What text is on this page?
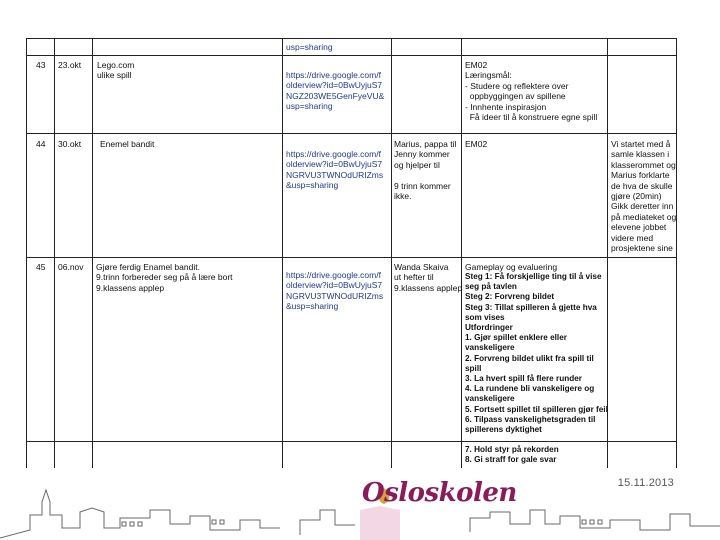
usp=sharing
43 23.okt Lego.com
ulike spill	https://drive.google.com/f
olderview?id=0BwUyjuS7
NGZ203WE5GenFyeVU&
usp=sharing
EM02
Læringsmål:
- Studere og reflektere over
oppbyggingen av spillene
- Innhente inspirasjon
Få ideer til å konstruere egne spill
44 30.okt Enemel bandit
https://drive.google.com/f
olderview?id=0BwUyjuS7
NGRVU3TWNOdURIZms
&usp=sharing
Marius, pappa til
Jenny kommer
og hjelper til

9 trinn kommer
ikke.
EM02	Vi startet med å
samle klassen i
klasserommet og
Marius forklarte
de hva de skulle
gjøre (20min)
Gikk deretter inn
på mediateket og
elevene jobbet
videre med
prosjektene sine
45 06.nov Gjøre ferdig Enamel bandit.
9.trinn forbereder seg på å lære bort
9.klassens applep
https://drive.google.com/f
olderview?id=0BwUyjuS7
NGRVU3TWNOdURIZms
&usp=sharing
Wanda Skaiva
ut hefter til
9.klassens applep
Gameplay og evaluering
Steg 1: Få forskjellige ting til å vise
seg på tavlen
Steg 2: Forvreng bildet
Steg 3: Tillat spilleren å gjette hva
som vises
Utfordringer
1. Gjør spillet enklere eller
vanskeligere
2. Forvreng bildet ulikt fra spill til
spill
3. La hvert spill få flere runder
4. La rundene bli vanskeligere og
vanskeligere
5. Fortsett spillet til spilleren gjør feil
6. Tilpass vanskelighetsgraden til
spillerens dyktighet
7. Hold styr på rekorden
8. Gi straff for gale svar
15.11.2013
Osloskolen
